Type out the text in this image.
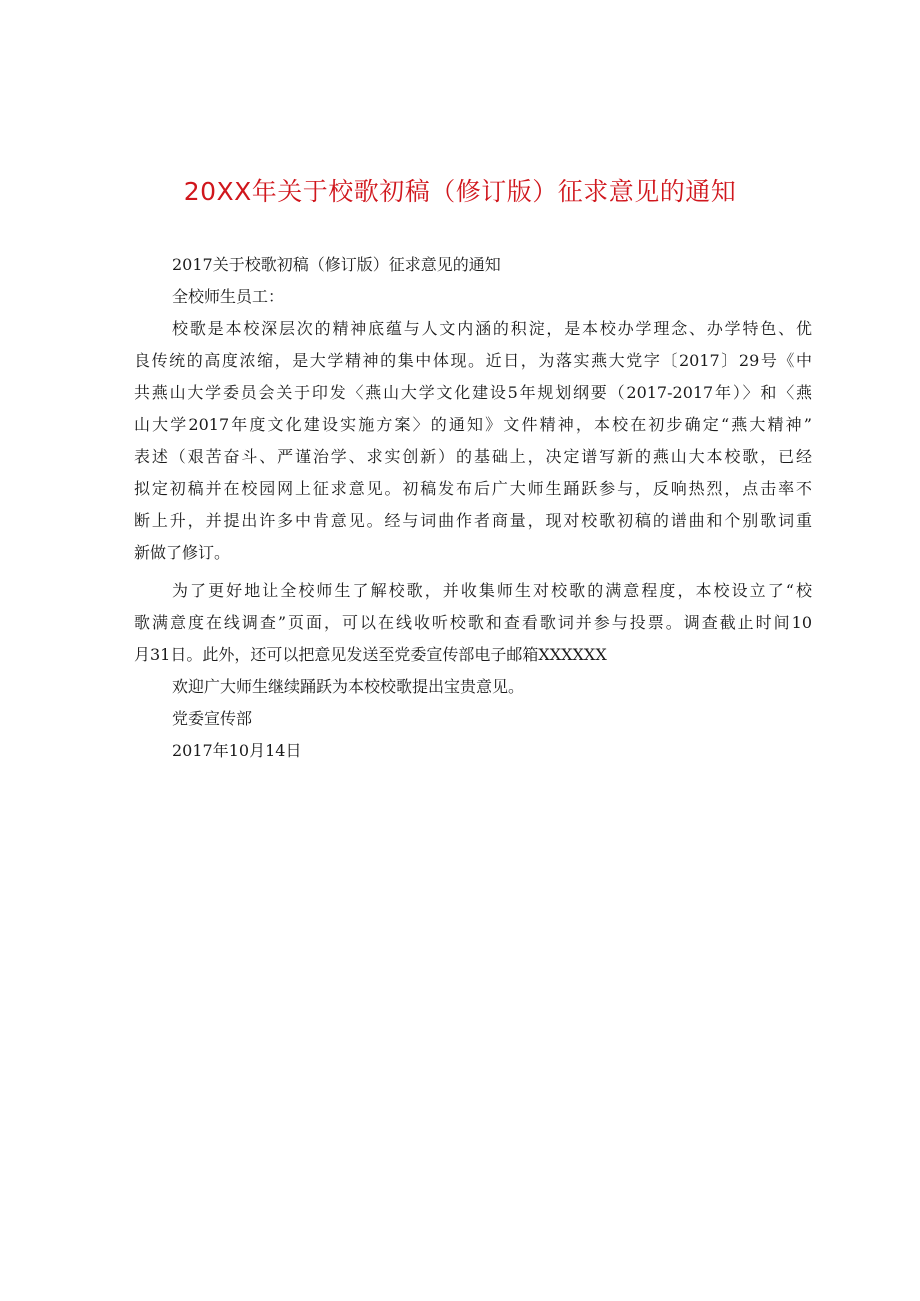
20XX年关于校歌初稿（修订版）征求意见的通知
2017关于校歌初稿（修订版）征求意见的通知
全校师生员工：
校歌是本校深层次的精神底蕴与人文内涵的积淀，是本校办学理念、办学特色、优
良传统的高度浓缩，是大学精神的集中体现。近日，为落实燕大党字〔2017〕29号《中
共燕山大学委员会关于印发〈燕山大学文化建设5年规划纲要（2017-2017年）〉和〈燕
山大学2017年度文化建设实施方案〉的通知》文件精神，本校在初步确定“燕大精神”
表述（艰苦奋斗、严谨治学、求实创新）的基础上，决定谱写新的燕山大本校歌，已经
拟定初稿并在校园网上征求意见。初稿发布后广大师生踊跃参与，反响热烈，点击率不
断上升，并提出许多中肯意见。经与词曲作者商量，现对校歌初稿的谱曲和个别歌词重
新做了修订。
为了更好地让全校师生了解校歌，并收集师生对校歌的满意程度，本校设立了“校
歌满意度在线调查”页面，可以在线收听校歌和查看歌词并参与投票。调查截止时间10
月31日。此外，还可以把意见发送至党委宣传部电子邮箱XXXXXX
欢迎广大师生继续踊跃为本校校歌提出宝贵意见。
党委宣传部
2017年10月14日
